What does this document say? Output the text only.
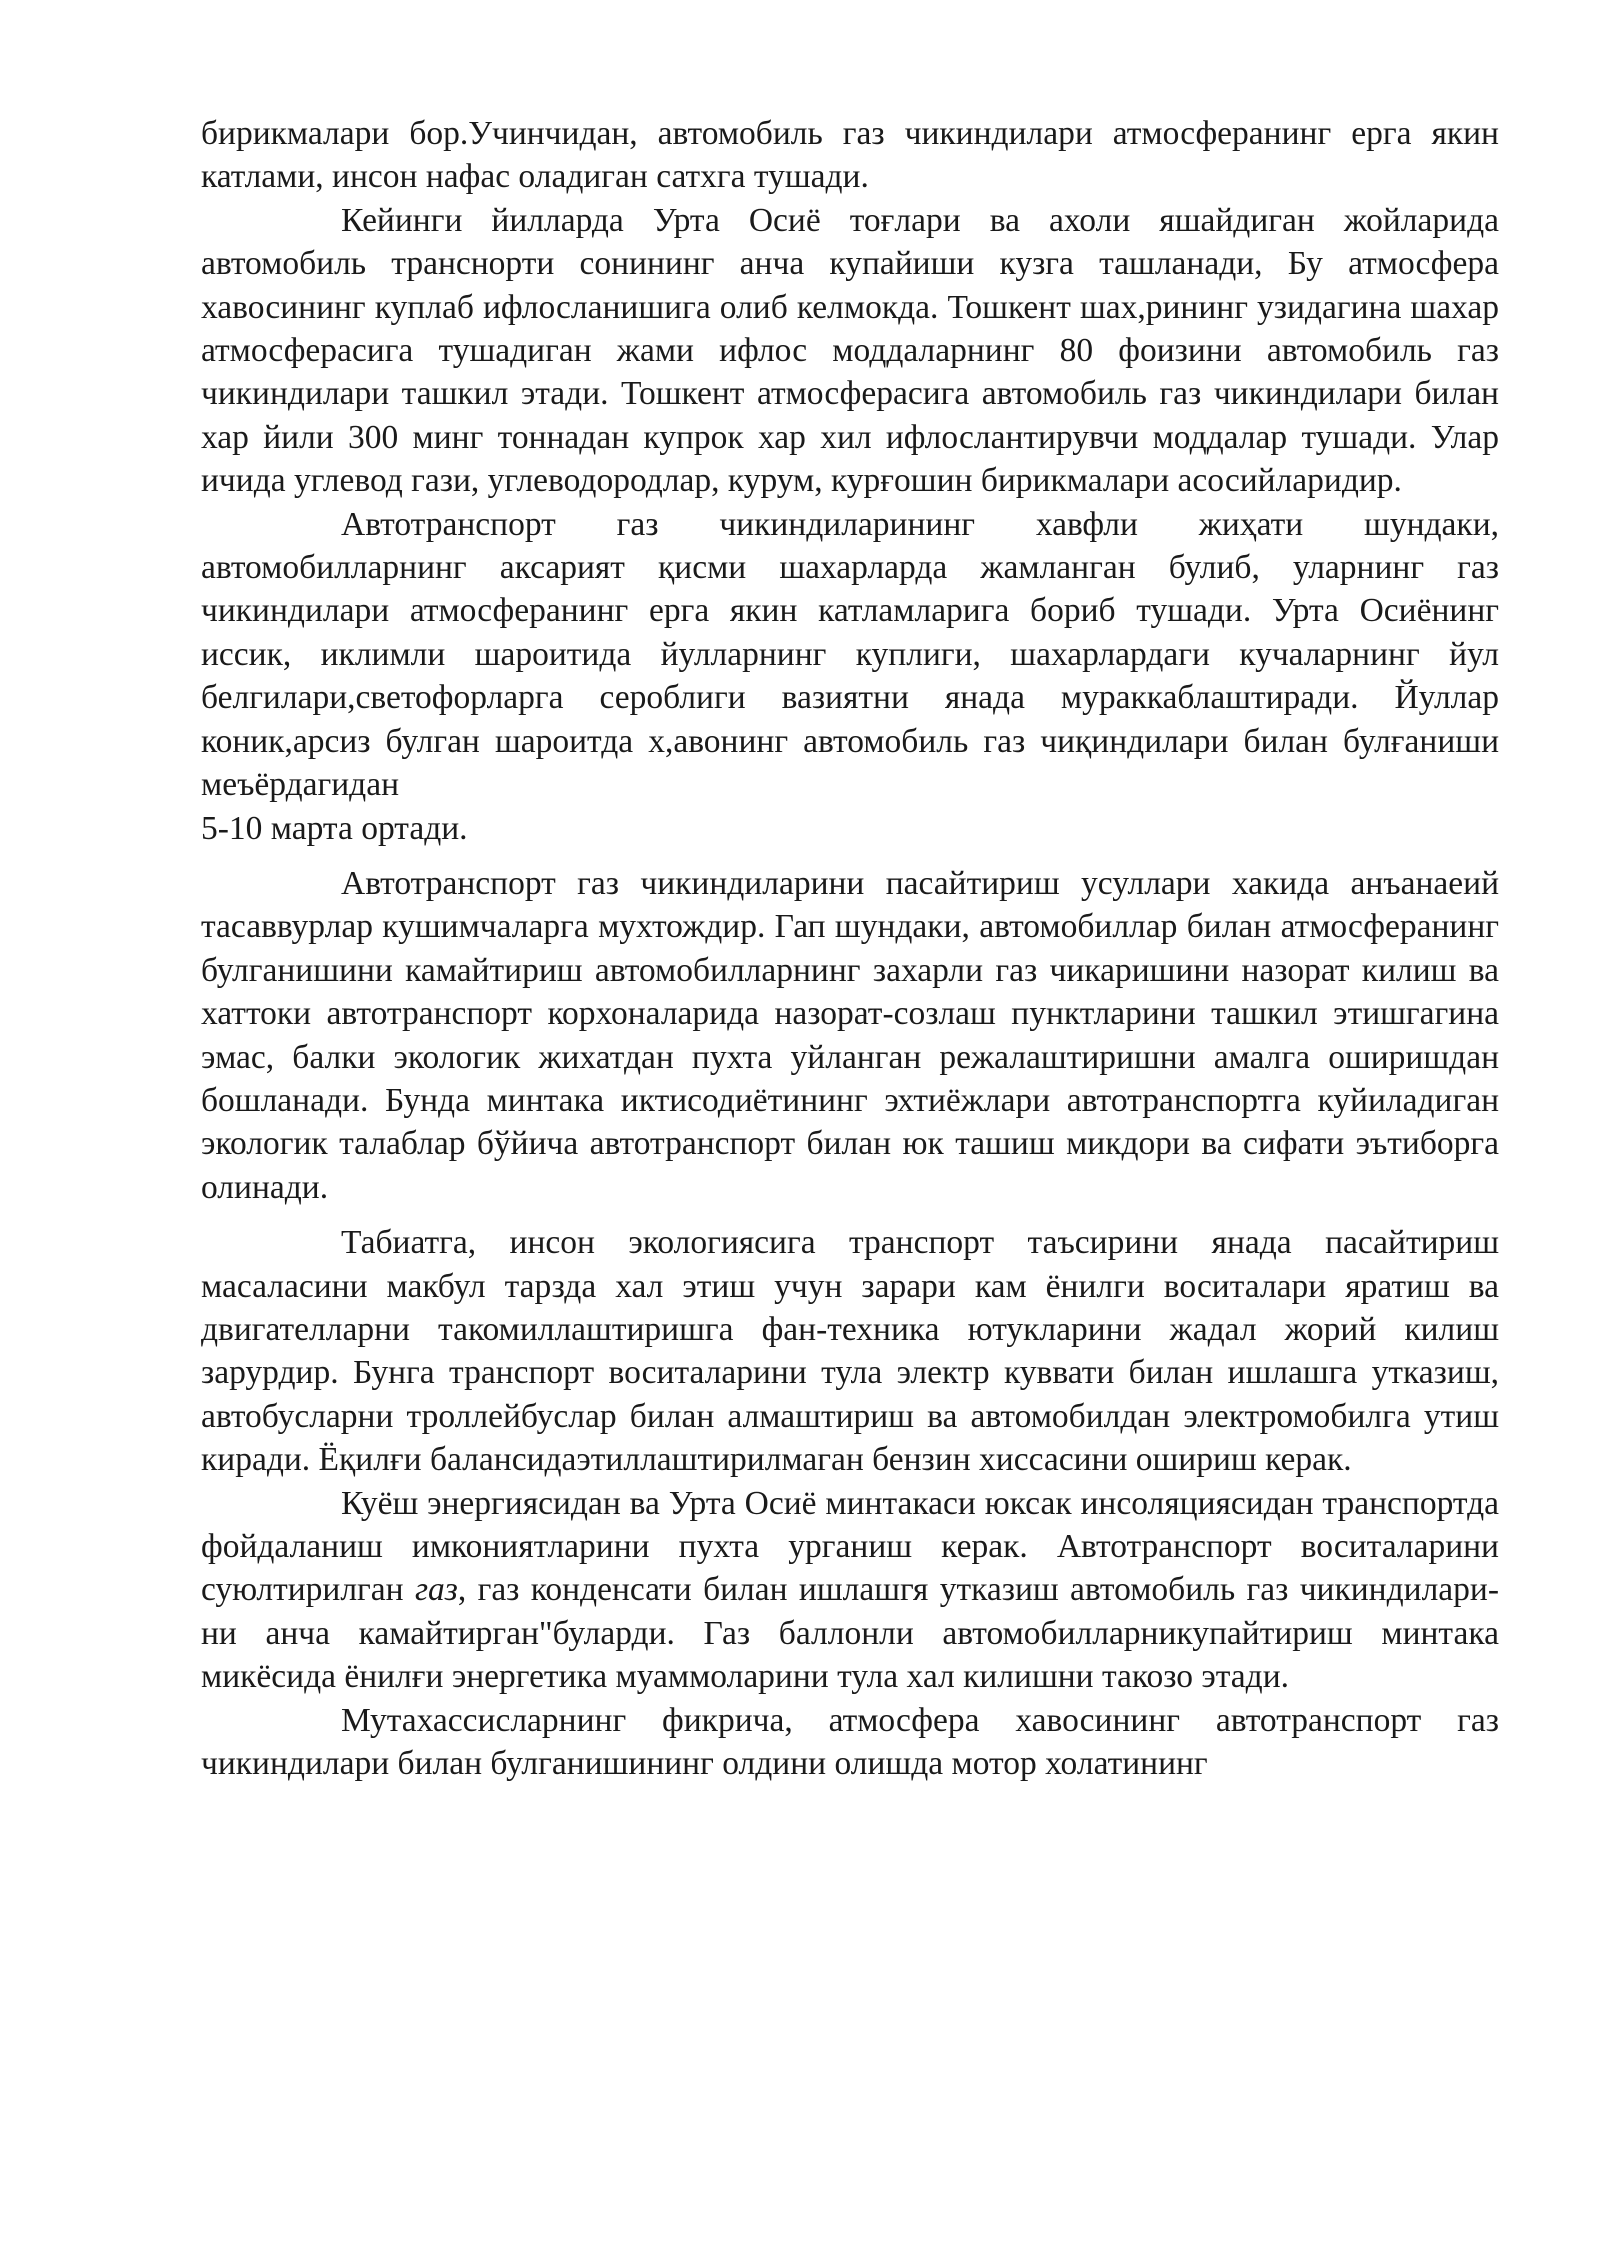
бирикмалари бор.Учинчидан, автомобиль газ чикиндилари атмосферанинг ерга якин катлами, инсон нафас оладиган сатхга тушади.

Кейинги йилларда Урта Осиё тоғлари ва ахоли яшайдиган жойларида автомобиль транснорти сонининг анча купайиши кузга ташланади, Бу атмосфера хавосининг куплаб ифлосланишига олиб келмокда. Тошкент шах,рининг узидагина шахар атмосферасига тушадиган жами ифлос моддаларнинг 80 фоизини автомобиль газ чикиндилари ташкил этади. Тошкент атмосферасига автомобиль газ чикиндилари билан хар йили 300 минг тоннадан купрок хар хил ифлослантирувчи моддалар тушади. Улар ичида углевод гази, углеводородлар, курум, курғошин бирикмалари асосийларидир.

Автотранспорт газ чикиндиларининг хавфли жиҳати шундаки, автомобилларнинг аксарият қисми шахарларда жамланган булиб, уларнинг газ чикиндилари атмосферанинг ерга якин катламларига бориб тушади. Урта Осиёнинг иссик, иклимли шароитида йулларнинг куплиги, шахарлардаги кучаларнинг йул белгилари,светофорларга сероблиги вазиятни янада мураккаблаштиради. Йуллар коник,арсиз булган шароитда х,авонинг автомобиль газ чиқиндилари билан булғаниши меъёрдагидан

5-10 марта ортади.

Автотранспорт газ чикиндиларини пасайтириш усуллари хакида анъанаеий тасаввурлар кушимчаларга мухтождир. Гап шундаки, автомобиллар билан атмосферанинг булганишини камайтириш автомобилларнинг захарли газ чикаришини назорат килиш ва хаттоки автотранспорт корхоналарида назорат-созлаш пунктларини ташкил этишгагина эмас, балки экологик жихатдан пухта уйланган режалаштиришни амалга оширишдан бошланади. Бунда минтака иктисодиётининг эхтиёжлари автотранспортга куйиладиган экологик талаблар бўйича автотранспорт билан юк ташиш микдори ва сифати эътиборга олинади.

Табиатга, инсон экологиясига транспорт таъсирини янада пасайтириш масаласини макбул тарзда хал этиш учун зарари кам ёнилги воситалари яратиш ва двигателларни такомиллаштиришга фан-техника ютукларини жадал жорий килиш зарурдир. Бунга транспорт воситаларини тула электр куввати билан ишлашга утказиш, автобусларни троллейбуслар билан алмаштириш ва автомобилдан электромобилга утиш киради. Ёқилғи балансидаэтиллаштирилмаган бензин хиссасини ошириш керак.

Куёш энергиясидан ва Урта Осиё минтакаси юксак инсоляциясидан транспортда фойдаланиш имкониятларини пухта урганиш керак. Автотранспорт воситаларини суюлтирилган газ, газ конденсати билан ишлашгя утказиш автомобиль газ чикиндилари-ни анча камайтирган"буларди. Газ баллонли автомобилларникупайтириш минтака микёсида ёнилғи энергетика муаммоларини тула хал килишни такозо этади.

Мутахассисларнинг фикрича, атмосфера хавосининг автотранспорт газ чикиндилари билан булганишининг олдини олишда мотор холатининг
